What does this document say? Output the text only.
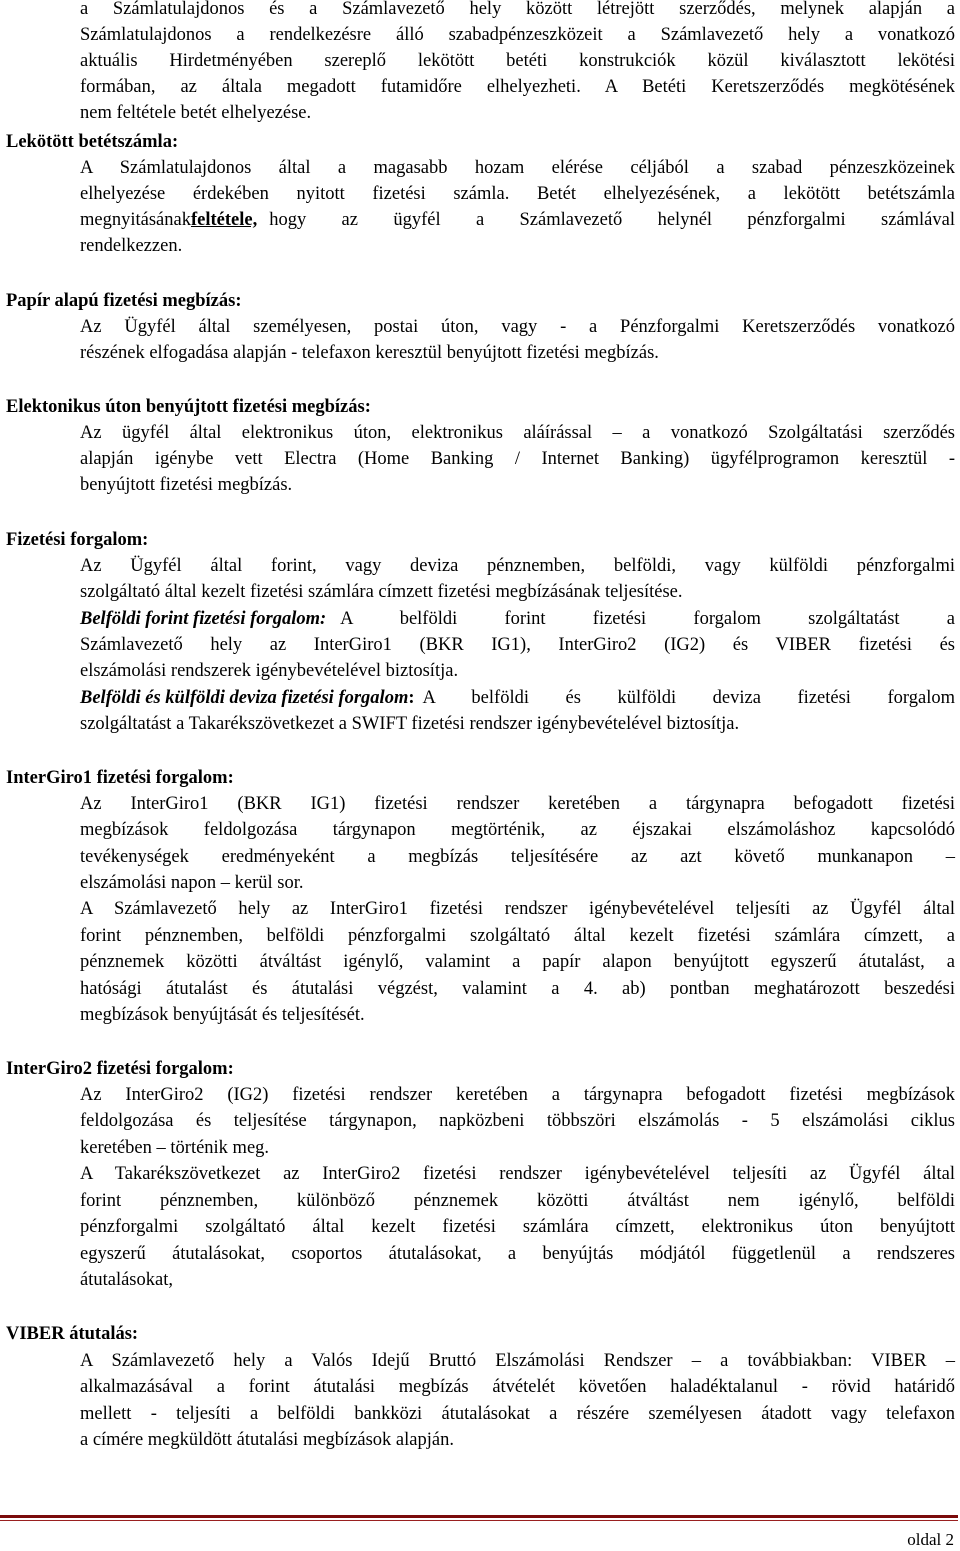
a Számlatulajdonos és a Számlavezető hely között létrejött szerződés, melynek alapján a
Számlatulajdonos a rendelkezésre álló szabadpénzeszközeit a Számlavezető hely a vonatkozó
aktuális Hirdetményében szereplő lekötött betéti konstrukciók közül kiválasztott lekötési
formában, az általa megadott futamidőre elhelyezheti. A Betéti Keretszerződés megkötésének
nem feltétele betét elhelyezése.
Lekötött betétszámla:
A Számlatulajdonos által a magasabb hozam elérése céljából a szabad pénzeszközeinek
elhelyezése érdekében nyitott fizetési számla. Betét elhelyezésének, a lekötött betétszámla
megnyitásának feltétele, hogy az ügyfél a Számlavezető helynél pénzforgalmi számlával
rendelkezzen.
Papír alapú fizetési megbízás:
Az Ügyfél által személyesen, postai úton, vagy - a Pénzforgalmi Keretszerződés vonatkozó
részének elfogadása alapján - telefaxon keresztül benyújtott fizetési megbízás.
Elektonikus úton benyújtott fizetési megbízás:
Az ügyfél által elektronikus úton, elektronikus aláírással – a vonatkozó Szolgáltatási szerződés
alapján igénybe vett Electra (Home Banking / Internet Banking) ügyfélprogramon keresztül -
benyújtott fizetési megbízás.
Fizetési forgalom:
Az Ügyfél által forint, vagy deviza pénznemben, belföldi, vagy külföldi pénzforgalmi
szolgáltató által kezelt fizetési számlára címzett fizetési megbízásának teljesítése.
Belföldi forint fizetési forgalom: A belföldi forint fizetési forgalom szolgáltatást a
Számlavezető hely az InterGiro1 (BKR IG1), InterGiro2 (IG2) és VIBER fizetési és
elszámolási rendszerek igénybevételével biztosítja.
Belföldi és külföldi deviza fizetési forgalom : A belföldi és külföldi deviza fizetési forgalom
szolgáltatást a Takarékszövetkezet a SWIFT fizetési rendszer igénybevételével biztosítja.
InterGiro1 fizetési forgalom:
Az InterGiro1 (BKR IG1) fizetési rendszer keretében a tárgynapra befogadott fizetési
megbízások feldolgozása tárgynapon megtörténik, az éjszakai elszámoláshoz kapcsolódó
tevékenységek eredményeként a megbízás teljesítésére az azt követő munkanapon –
elszámolási napon – kerül sor.
A Számlavezető hely az InterGiro1 fizetési rendszer igénybevételével teljesíti az Ügyfél által
forint pénznemben, belföldi pénzforgalmi szolgáltató által kezelt fizetési számlára címzett, a
pénznemek közötti átváltást igénylő, valamint a papír alapon benyújtott egyszerű átutalást, a
hatósági átutalást és átutalási végzést, valamint a 4. ab) pontban meghatározott beszedési
megbízások benyújtását és teljesítését.
InterGiro2 fizetési forgalom:
Az InterGiro2 (IG2) fizetési rendszer keretében a tárgynapra befogadott fizetési megbízások
feldolgozása és teljesítése tárgynapon, napközbeni többszöri elszámolás - 5 elszámolási ciklus
keretében – történik meg.
A Takarékszövetkezet az InterGiro2 fizetési rendszer igénybevételével teljesíti az Ügyfél által
forint pénznemben, különböző pénznemek közötti átváltást nem igénylő, belföldi
pénzforgalmi szolgáltató által kezelt fizetési számlára címzett, elektronikus úton benyújtott
egyszerű átutalásokat, csoportos átutalásokat, a benyújtás módjától függetlenül a rendszeres
átutalásokat,
VIBER átutalás:
A Számlavezető hely a Valós Idejű Bruttó Elszámolási Rendszer – a továbbiakban: VIBER –
alkalmazásával a forint átutalási megbízás átvételét követően haladéktalanul - rövid határidő
mellett - teljesíti a belföldi bankközi átutalásokat a részére személyesen átadott vagy telefaxon
a címére megküldött átutalási megbízások alapján.
oldal 2
